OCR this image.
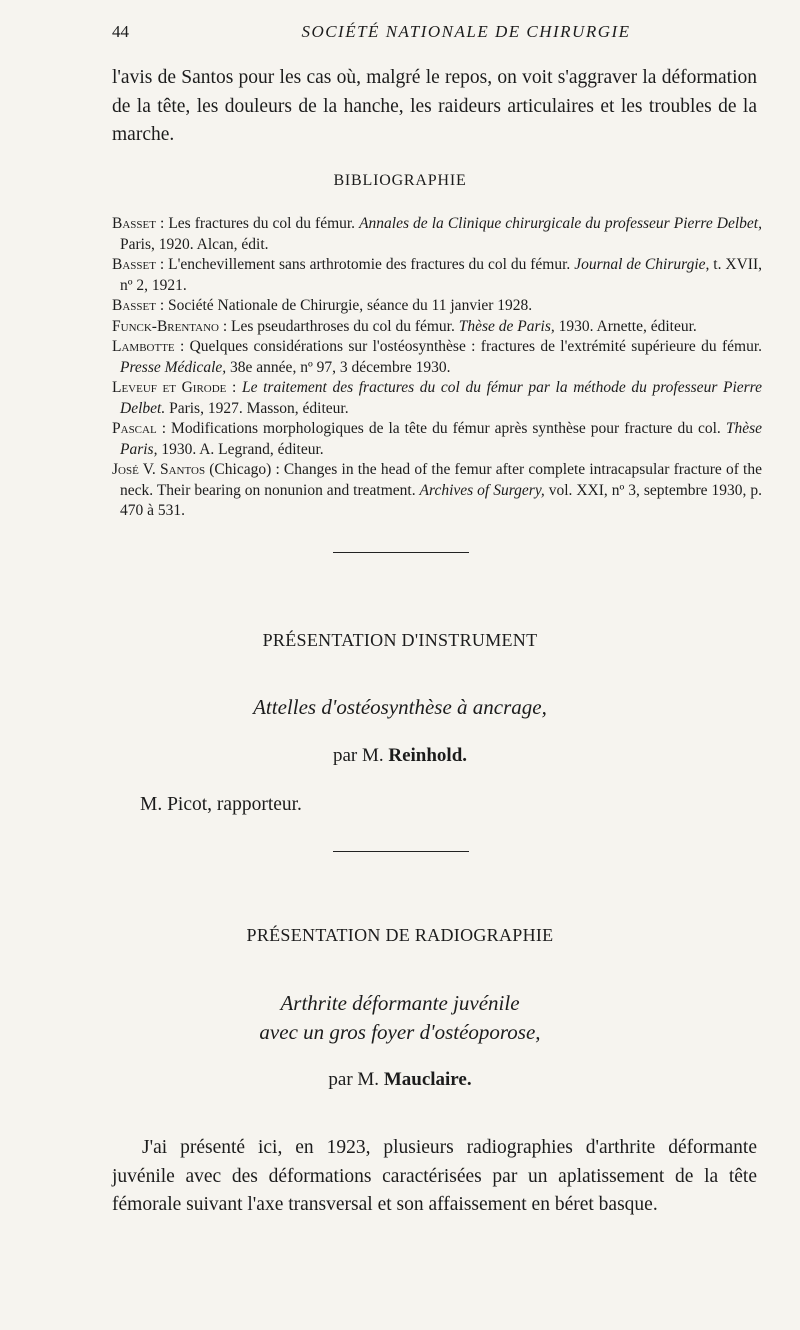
44	SOCIÉTÉ NATIONALE DE CHIRURGIE

l'avis de Santos pour les cas où, malgré le repos, on voit s'aggraver la déformation de la tête, les douleurs de la hanche, les raideurs articulaires et les troubles de la marche.

BIBLIOGRAPHIE

Basset : Les fractures du col du fémur. Annales de la Clinique chirurgicale du professeur Pierre Delbet, Paris, 1920. Alcan, édit.

Basset : L'enchevillement sans arthrotomie des fractures du col du fémur. Journal de Chirurgie, t. XVII, nº 2, 1921.

Basset : Société Nationale de Chirurgie, séance du 11 janvier 1928.

Funck-Brentano : Les pseudarthroses du col du fémur. Thèse de Paris, 1930. Arnette, éditeur.

Lambotte : Quelques considérations sur l'ostéosynthèse : fractures de l'extrémité supérieure du fémur. Presse Médicale, 38e année, nº 97, 3 décembre 1930.

Leveuf et Girode : Le traitement des fractures du col du fémur par la méthode du professeur Pierre Delbet. Paris, 1927. Masson, éditeur.

Pascal : Modifications morphologiques de la tête du fémur après synthèse pour fracture du col. Thèse Paris, 1930. A. Legrand, éditeur.

José V. Santos (Chicago) : Changes in the head of the femur after complete intracapsular fracture of the neck. Their bearing on nonunion and treatment. Archives of Surgery, vol. XXI, nº 3, septembre 1930, p. 470 à 531.

PRÉSENTATION D'INSTRUMENT
Attelles d'ostéosynthèse à ancrage,
par M. Reinhold.
M. Picot, rapporteur.
PRÉSENTATION DE RADIOGRAPHIE
Arthrite déformante juvénile
avec un gros foyer d'ostéoporose,
par M. Mauclaire.

J'ai présenté ici, en 1923, plusieurs radiographies d'arthrite déformante juvénile avec des déformations caractérisées par un aplatissement de la tête fémorale suivant l'axe transversal et son affaissement en béret basque.
